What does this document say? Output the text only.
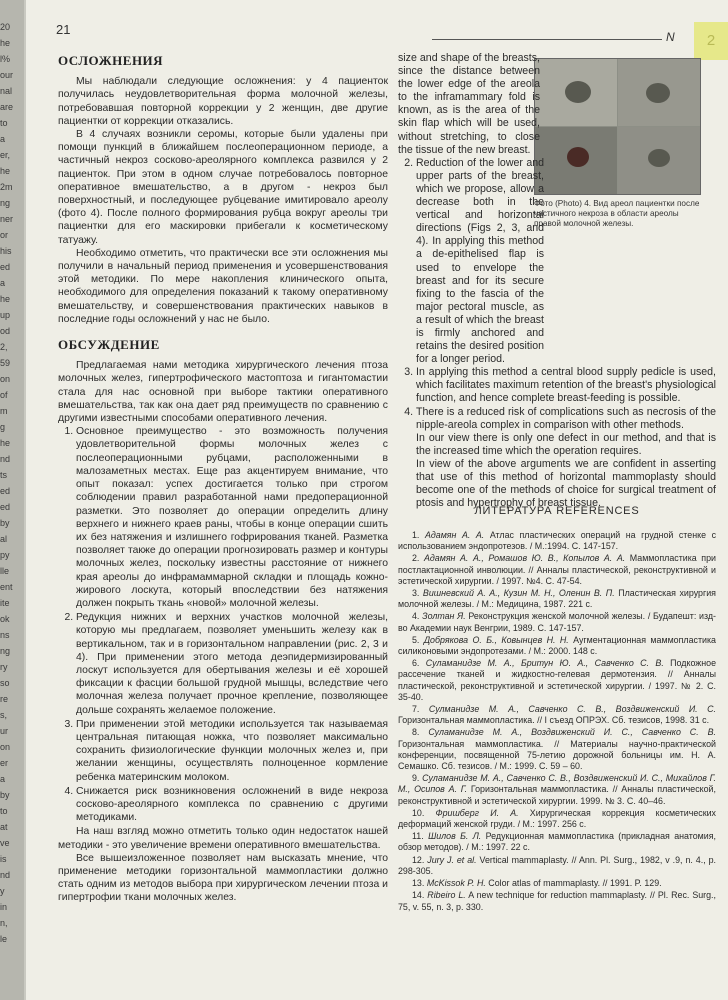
20
he
l%
our
nal
are
to
a
er,
he
2m
ng
ner
or
his
ed
a
he
up
od
2,
59
on
of
m
g
he
nd
ts
ed
ed
by
al
py
lle
ent
ite
ok
ns
ng
ry
so
re
s,
ur
on
er
a
by
to
at
ve
is
nd
y
in
n,
le
21	N	2
ОСЛОЖНЕНИЯ

Мы наблюдали следующие осложнения: у 4 пациенток получилась неудовлетворительная форма молочной железы, потребовавшая повторной коррекции у 2 женщин, две другие пациентки от коррекции отказались.

В 4 случаях возникли серомы, которые были удалены при помощи пункций в ближайшем послеоперационном периоде, а частичный некроз сосково-ареолярного комплекса развился у 2 пациенток. При этом в одном случае потребовалось повторное оперативное вмешательство, а в другом - некроз был поверхностный, и последующее рубцевание имитировало ареолу (фото 4). После полного формирования рубца вокруг ареолы три пациентки для его маскировки прибегали к косметическому татуажу.

Необходимо отметить, что практически все эти осложнения мы получили в начальный период применения и усовершенствования этой методики. По мере накопления клинического опыта, необходимого для определения показаний к такому оперативному вмешательству, и совершенствования практических навыков в последние годы осложнений у нас не было.

ОБСУЖДЕНИЕ

Предлагаемая нами методика хирургического лечения птоза молочных желез, гипертрофического мастоптоза и гигантомастии стала для нас основной при выборе тактики оперативного вмешательства, так как она дает ряд преимуществ по сравнению с другими известными способами оперативного лечения.

1. Основное преимущество - это возможность получения удовлетворительной формы молочных желез с послеоперационными рубцами, расположенными в малозаметных местах. Еще раз акцентируем внимание, что опыт показал: успех достигается только при строгом соблюдении правил разработанной нами предоперационной разметки. Это позволяет до операции определить длину верхнего и нижнего краев раны, чтобы в конце операции сшить их без натяжения и излишнего гофрирования тканей. Разметка позволяет также до операции прогнозировать размер и контуры молочных желез, поскольку известны расстояние от нижнего края ареолы до инфрамаммарной складки и площадь кожно-жирового лоскута, который впоследствии без натяжения должен покрыть ткань «новой» молочной железы.
2. Редукция нижних и верхних участков молочной железы, которую мы предлагаем, позволяет уменьшить железу как в вертикальном, так и в горизонтальном направлении (рис. 2, 3 и 4). При применении этого метода деэпидермизированный лоскут используется для обертывания железы и её хорошей фиксации к фасции большой грудной мышцы, вследствие чего молочная железа получает прочное крепление, позволяющее дольше сохранять желаемое положение.
3. При применении этой методики используется так называемая центральная питающая ножка, что позволяет максимально сохранить физиологические функции молочных желез и, при желании женщины, осуществлять полноценное кормление ребенка материнским молоком.
4. Снижается риск возникновения осложнений в виде некроза сосково-ареолярного комплекса по сравнению с другими методиками.

На наш взгляд можно отметить только один недостаток нашей методики - это увеличение времени оперативного вмешательства.

Все вышеизложенное позволяет нам высказать мнение, что применение методики горизонтальной маммопластики должно стать одним из методов выбора при хирургическом лечении птоза и гипертрофии ткани молочных желез.

Фото (Photo) 4. Вид ареол пациентки после частичного некроза в области ареолы правой молочной железы.
size and shape of the breasts, since the distance between the lower edge of the areola to the inframammary fold is known, as is the area of the skin flap which will be used, without stretching, to close the tissue of the new breast.
2. Reduction of the lower and upper parts of the breast, which we propose, allow a decrease both in the vertical and horizontal directions (Figs 2, 3, and 4). In applying this method a de-epithelised flap is used to envelope the breast and for its secure fixing to the fascia of the major pectoral muscle, as a result of which the breast is firmly anchored and retains the desired position for a longer period.
3. In applying this method a central blood supply pedicle is used, which facilitates maximum retention of the breast's physiological function, and hence complete breast-feeding is possible.
4. There is a reduced risk of complications such as necrosis of the nipple-areola complex in comparison with other methods.
In our view there is only one defect in our method, and that is the increased time which the operation requires.
In view of the above arguments we are confident in asserting that use of this method of horizontal mammoplasty should become one of the methods of choice for surgical treatment of ptosis and hypertrophy of breast tissue.
ЛИТЕРАТУРА REFERENCES

1. Адамян А. А. Атлас пластических операций на грудной стенке с использованием эндопротезов. / М.:1994. С. 147-157.

2. Адамян А. А., Ромашов Ю. В., Копылов А. А. Маммопластика при постлактационной инволюции. // Анналы пластической, реконструктивной и эстетической хирургии. / 1997. №4. С. 47-54.

3. Вишневский А. А., Кузин М. Н., Оленин В. П. Пластическая хирургия молочной железы. / М.: Медицина, 1987. 221 с.

4. Золтан Я. Реконструкция женской молочной железы. / Будапешт: изд-во Академии наук Венгрии, 1989. С. 147-157.

5. Добрякова О. Б., Ковынцев Н. Н. Аугментационная маммопластика силиконовыми эндопротезами. / М.: 2000. 148 с.

6. Суламанидзе М. А., Бритун Ю. А., Савченко С. В. Подкожное рассечение тканей и жидкостно-гелевая дермотензия. // Анналы пластической, реконструктивной и эстетической хирургии. / 1997. № 2. С. 35-40.

7. Сулманидзе М. А., Савченко С. В., Воздвиженский И. С. Горизонтальная маммопластика. // I съезд ОПРЭХ. Сб. тезисов, 1998. 31 с.

8. Суламанидзе М. А., Воздвиженский И. С., Савченко С. В. Горизонтальная маммопластика. // Материалы научно-практической конференции, посвященной 75-летию дорожной больницы им. Н. А. Семашко. Сб. тезисов. / М.: 1999. С. 59 – 60.

9. Суламанидзе М. А., Савченко С. В., Воздвиженский И. С., Михайлов Г. М., Осипов А. Г. Горизонтальная маммопластика. // Анналы пластической, реконструктивной и эстетической хирургии. 1999. № 3. С. 40–46.

10. Фришберг И. А. Хирургическая коррекция косметических деформаций женской груди. / М.: 1997. 256 с.

11. Шилов Б. Л. Редукционная маммопластика (прикладная анатомия, обзор методов). / М.: 1997. 22 с.

12. Jury J. et al. Vertical mammaplasty. // Ann. Pl. Surg., 1982, v .9, n. 4., p. 298-305.

13. McKissok P. H. Color atlas of mammaplasty. // 1991. P. 129.

14. Ribeiro L. A new technique for reduction mammaplasty. // Pl. Rec. Surg., 75, v. 55, n. 3, p. 330.
